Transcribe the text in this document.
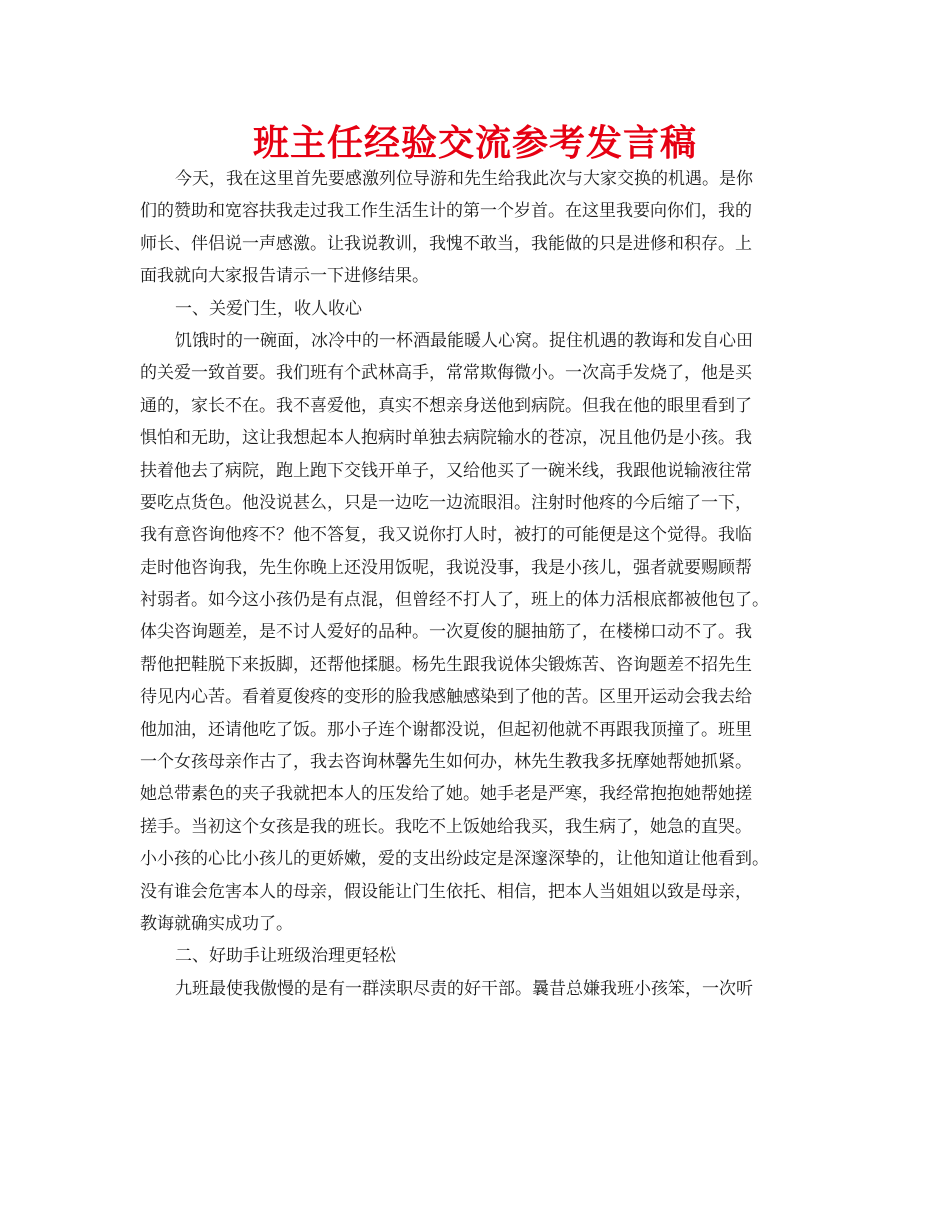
班主任经验交流参考发言稿
今天，我在这里首先要感激列位导游和先生给我此次与大家交换的机遇。是你
们的赞助和宽容扶我走过我工作生活生计的第一个岁首。在这里我要向你们，我的
师长、伴侣说一声感激。让我说教训，我愧不敢当，我能做的只是进修和积存。上
面我就向大家报告请示一下进修结果。
一、关爱门生，收人收心
饥饿时的一碗面，冰冷中的一杯酒最能暖人心窝。捉住机遇的教诲和发自心田
的关爱一致首要。我们班有个武林高手，常常欺侮微小。一次高手发烧了，他是买
通的，家长不在。我不喜爱他，真实不想亲身送他到病院。但我在他的眼里看到了
惧怕和无助，这让我想起本人抱病时单独去病院输水的苍凉，况且他仍是小孩。我
扶着他去了病院，跑上跑下交钱开单子，又给他买了一碗米线，我跟他说输液往常
要吃点货色。他没说甚么，只是一边吃一边流眼泪。注射时他疼的今后缩了一下，
我有意咨询他疼不？他不答复，我又说你打人时，被打的可能便是这个觉得。我临
走时他咨询我，先生你晚上还没用饭呢，我说没事，我是小孩儿，强者就要赐顾帮
衬弱者。如今这小孩仍是有点混，但曾经不打人了，班上的体力活根底都被他包了。
体尖咨询题差，是不讨人爱好的品种。一次夏俊的腿抽筋了，在楼梯口动不了。我
帮他把鞋脱下来扳脚，还帮他揉腿。杨先生跟我说体尖锻炼苦、咨询题差不招先生
待见内心苦。看着夏俊疼的变形的脸我感触感染到了他的苦。区里开运动会我去给
他加油，还请他吃了饭。那小子连个谢都没说，但起初他就不再跟我顶撞了。班里
一个女孩母亲作古了，我去咨询林馨先生如何办，林先生教我多抚摩她帮她抓紧。
她总带素色的夹子我就把本人的压发给了她。她手老是严寒，我经常抱抱她帮她搓
搓手。当初这个女孩是我的班长。我吃不上饭她给我买，我生病了，她急的直哭。
小小孩的心比小孩儿的更娇嫩，爱的支出纷歧定是深邃深挚的，让他知道让他看到。
没有谁会危害本人的母亲，假设能让门生依托、相信，把本人当姐姐以致是母亲，
教诲就确实成功了。
二、好助手让班级治理更轻松
九班最使我傲慢的是有一群渎职尽责的好干部。曩昔总嫌我班小孩笨，一次听
